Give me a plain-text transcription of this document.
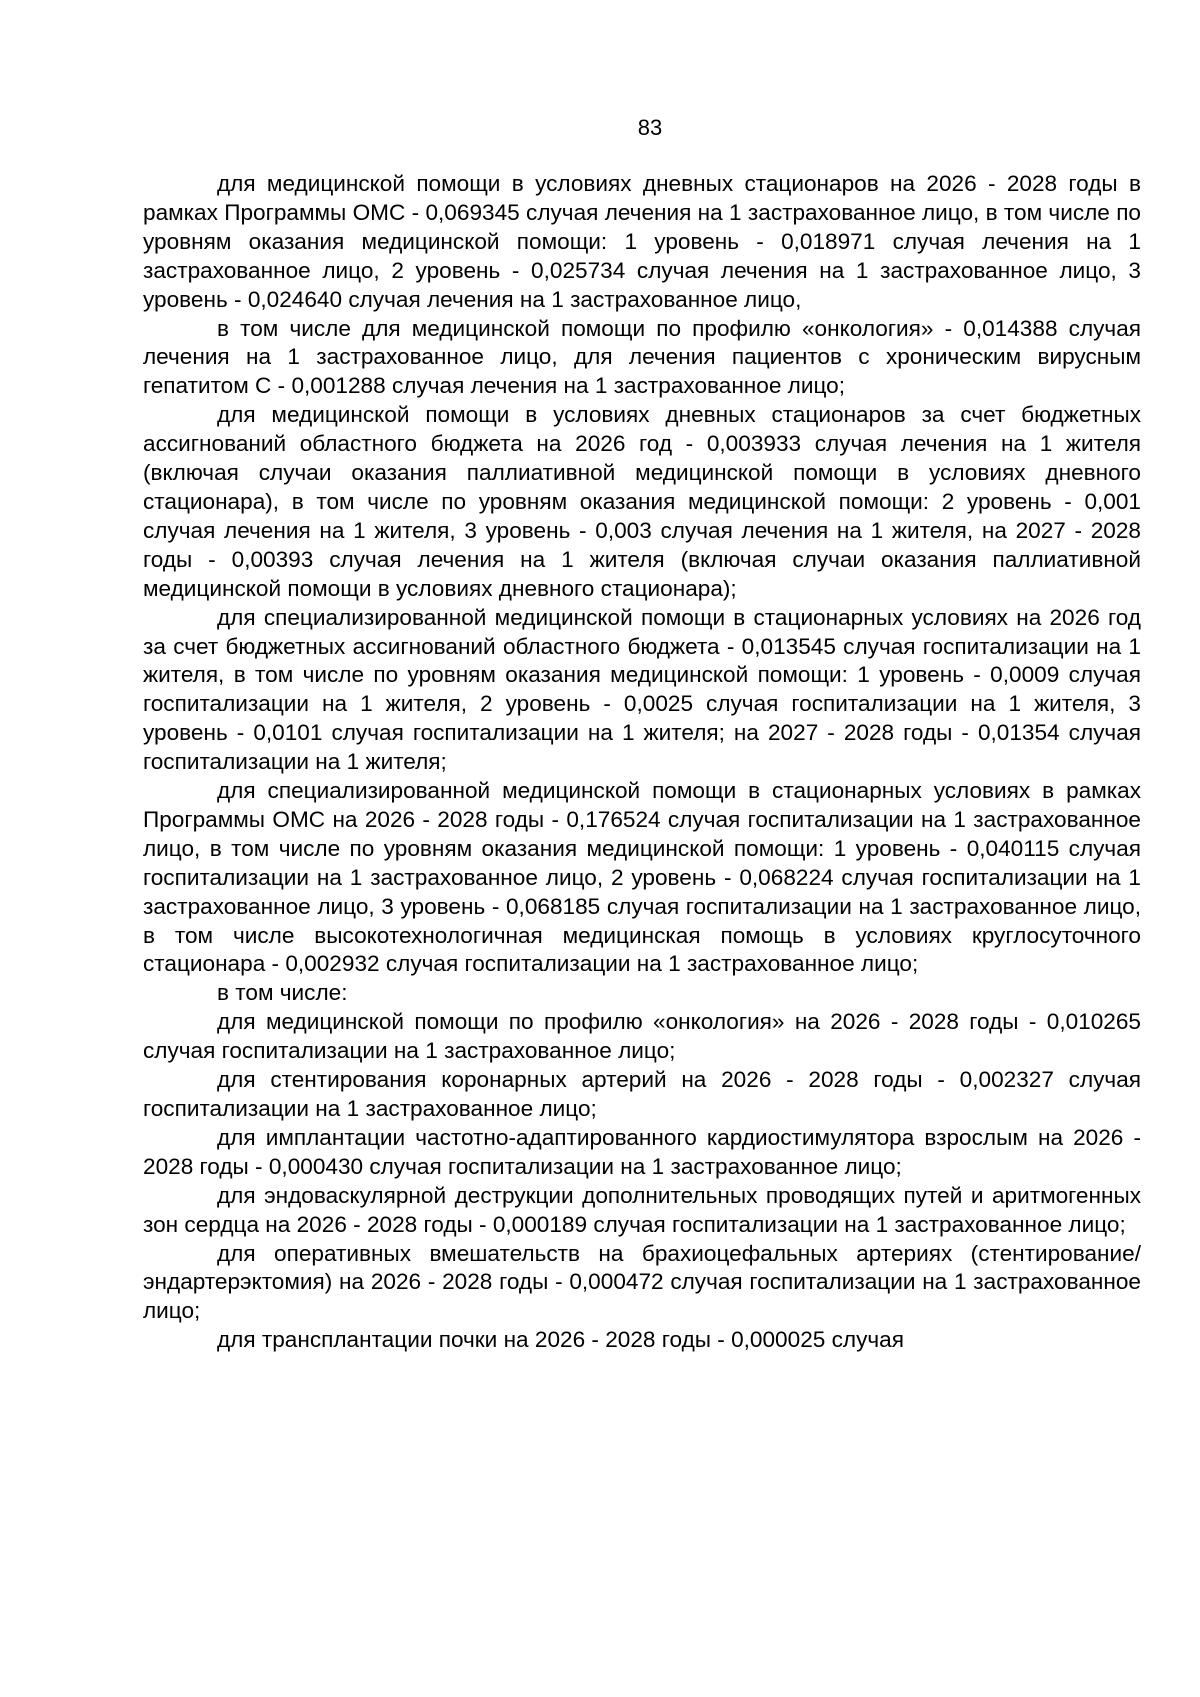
83

для медицинской помощи в условиях дневных стационаров на 2026 - 2028 годы в рамках Программы ОМС - 0,069345 случая лечения на 1 застрахованное лицо, в том числе по уровням оказания медицинской помощи: 1 уровень - 0,018971 случая лечения на 1 застрахованное лицо, 2 уровень - 0,025734 случая лечения на 1 застрахованное лицо, 3 уровень - 0,024640 случая лечения на 1 застрахованное лицо,

в том числе для медицинской помощи по профилю «онкология» - 0,014388 случая лечения на 1 застрахованное лицо, для лечения пациентов с хроническим вирусным гепатитом С - 0,001288 случая лечения на 1 застрахованное лицо;

для медицинской помощи в условиях дневных стационаров за счет бюджетных ассигнований областного бюджета на 2026 год - 0,003933 случая лечения на 1 жителя (включая случаи оказания паллиативной медицинской помощи в условиях дневного стационара), в том числе по уровням оказания медицинской помощи: 2 уровень - 0,001 случая лечения на 1 жителя, 3 уровень - 0,003 случая лечения на 1 жителя, на 2027 - 2028 годы - 0,00393 случая лечения на 1 жителя (включая случаи оказания паллиативной медицинской помощи в условиях дневного стационара);

для специализированной медицинской помощи в стационарных условиях на 2026 год за счет бюджетных ассигнований областного бюджета - 0,013545 случая госпитализации на 1 жителя, в том числе по уровням оказания медицинской помощи: 1 уровень - 0,0009 случая госпитализации на 1 жителя, 2 уровень - 0,0025 случая госпитализации на 1 жителя, 3 уровень - 0,0101 случая госпитализации на 1 жителя; на 2027 - 2028 годы - 0,01354 случая госпитализации на 1 жителя;

для специализированной медицинской помощи в стационарных условиях в рамках Программы ОМС на 2026 - 2028 годы - 0,176524 случая госпитализации на 1 застрахованное лицо, в том числе по уровням оказания медицинской помощи: 1 уровень - 0,040115 случая госпитализации на 1 застрахованное лицо, 2 уровень - 0,068224 случая госпитализации на 1 застрахованное лицо, 3 уровень - 0,068185 случая госпитализации на 1 застрахованное лицо, в том числе высокотехнологичная медицинская помощь в условиях круглосуточного стационара - 0,002932 случая госпитализации на 1 застрахованное лицо;

в том числе:

для медицинской помощи по профилю «онкология» на 2026 - 2028 годы - 0,010265 случая госпитализации на 1 застрахованное лицо;

для стентирования коронарных артерий на 2026 - 2028 годы - 0,002327 случая госпитализации на 1 застрахованное лицо;

для имплантации частотно-адаптированного кардиостимулятора взрослым на 2026 - 2028 годы - 0,000430 случая госпитализации на 1 застрахованное лицо;

для эндоваскулярной деструкции дополнительных проводящих путей и аритмогенных зон сердца на 2026 - 2028 годы - 0,000189 случая госпитализации на 1 застрахованное лицо;

для оперативных вмешательств на брахиоцефальных артериях (стентирование/эндартерэктомия) на 2026 - 2028 годы - 0,000472 случая госпитализации на 1 застрахованное лицо;

для трансплантации почки на 2026 - 2028 годы - 0,000025 случая
